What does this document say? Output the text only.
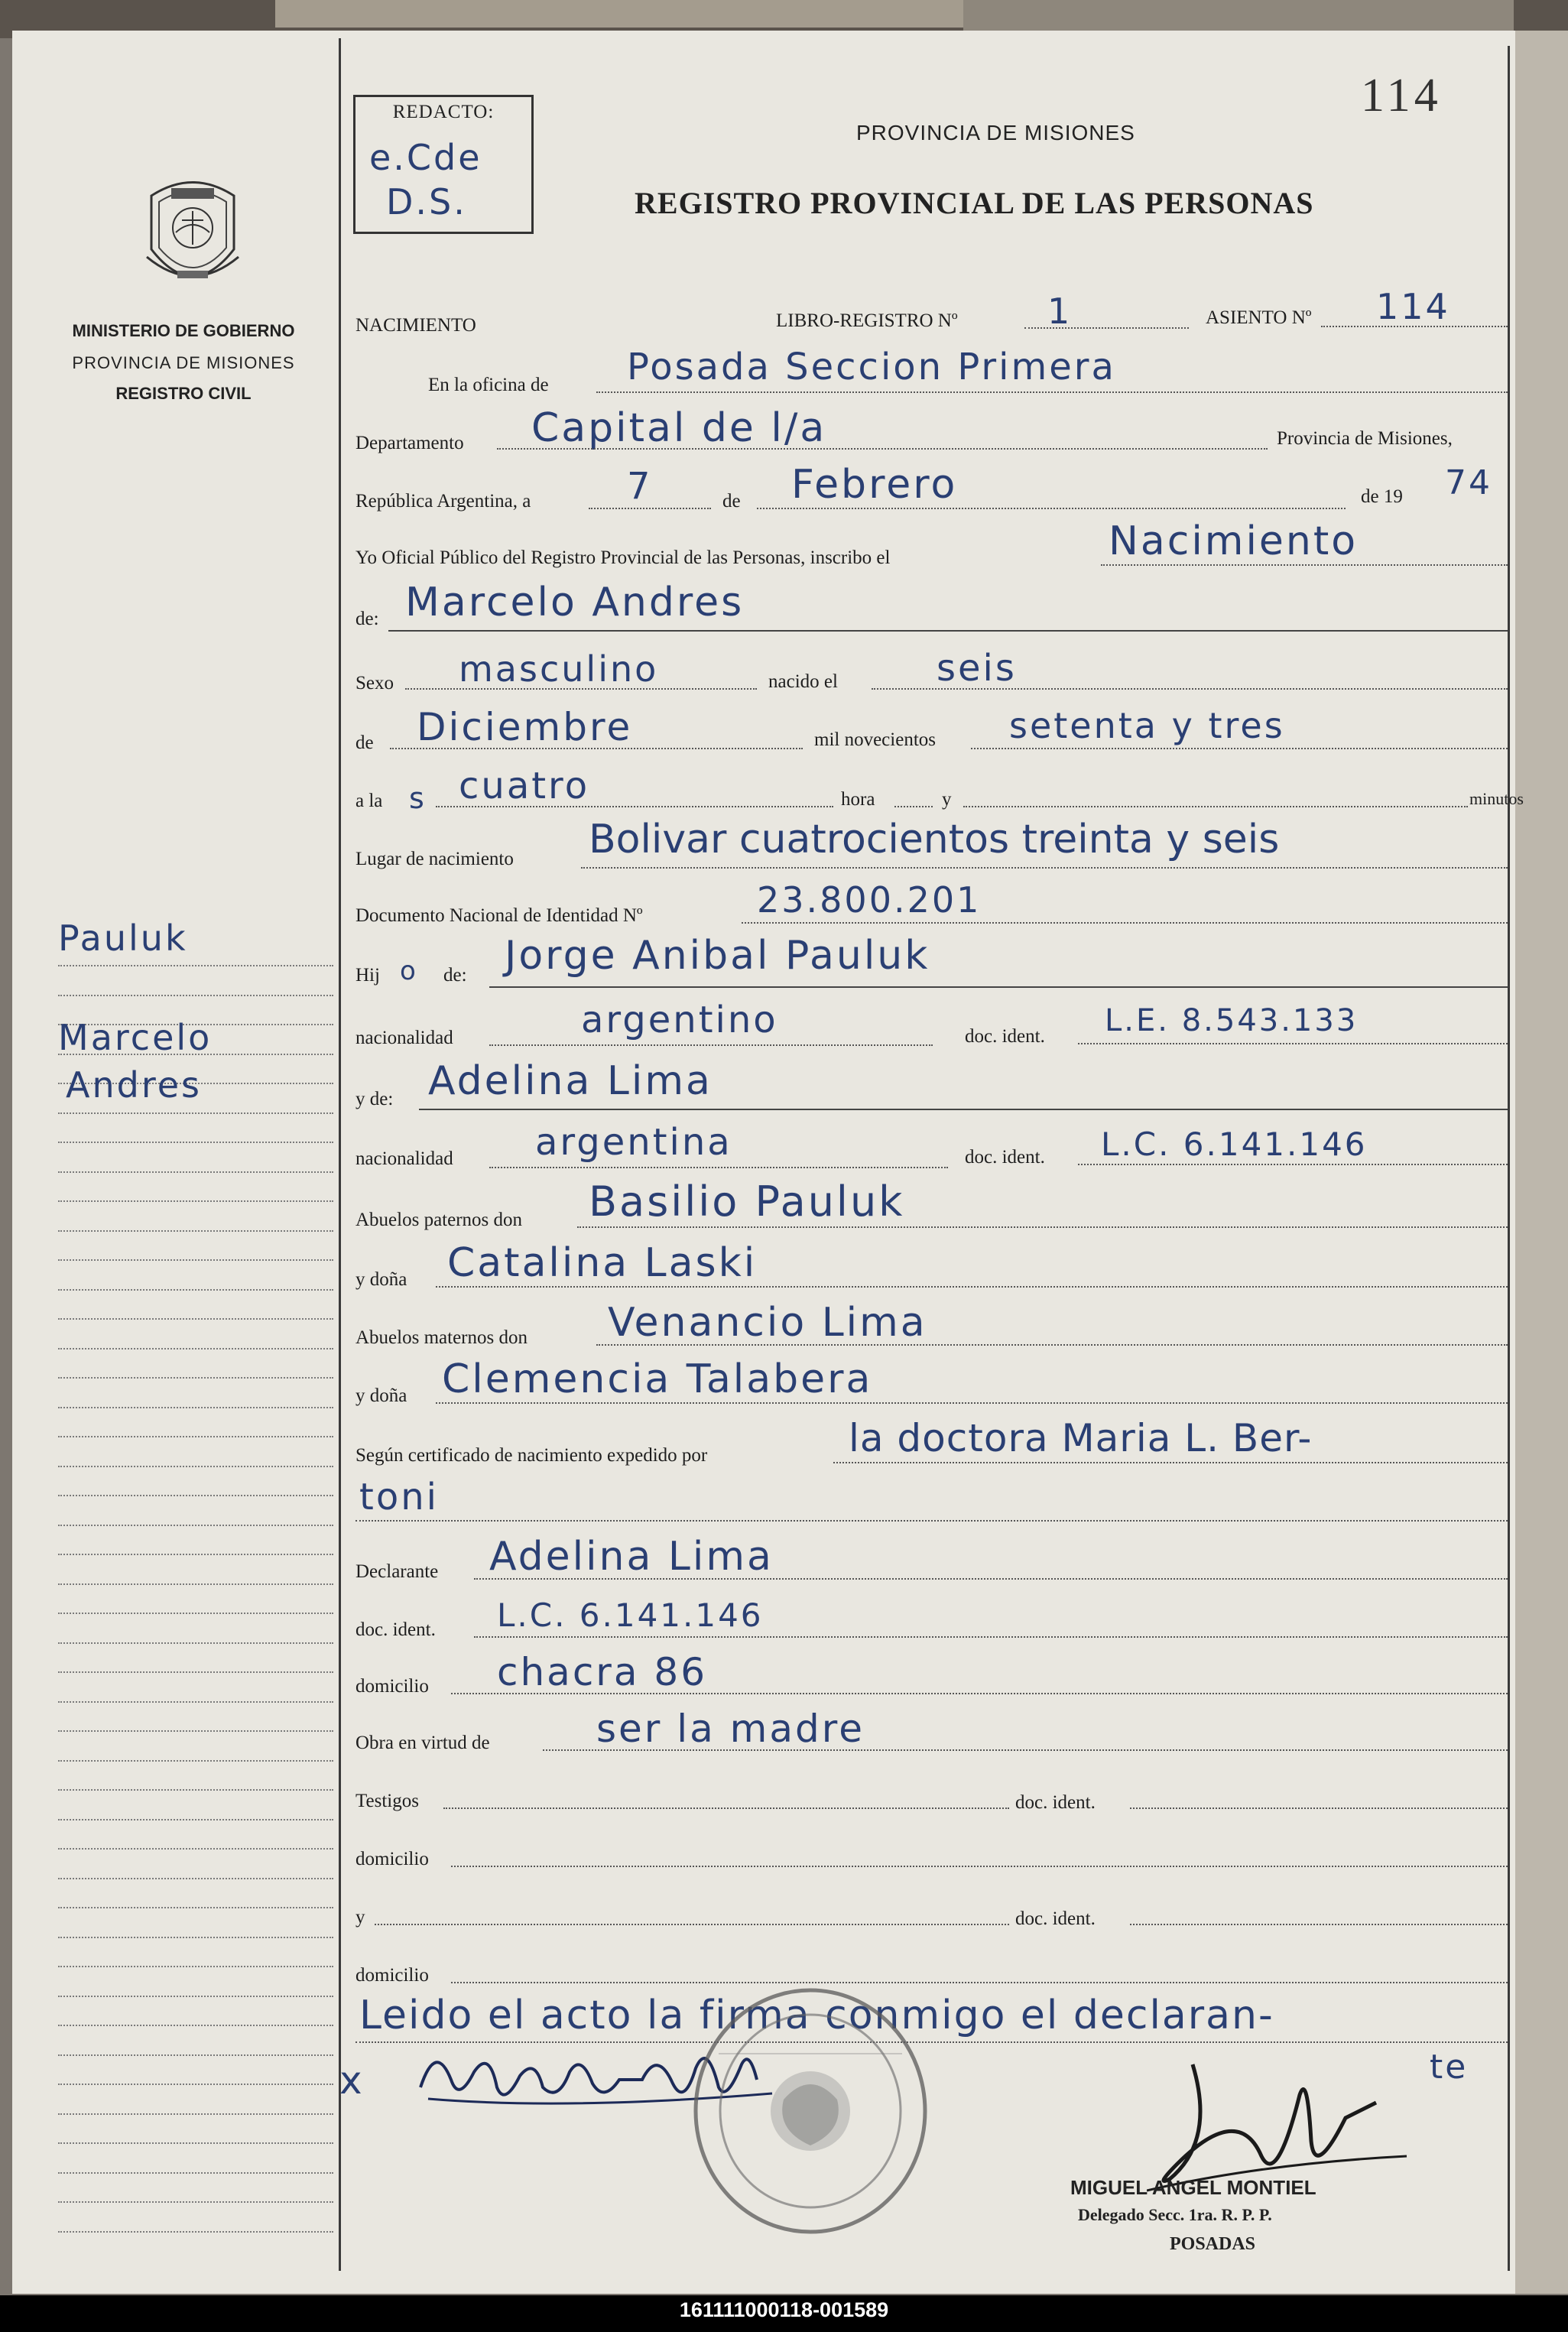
REDACTO:
e.Cde
D.S.
114
PROVINCIA DE MISIONES
REGISTRO PROVINCIAL DE LAS PERSONAS
MINISTERIO DE GOBIERNO
PROVINCIA DE MISIONES
REGISTRO CIVIL
Pauluk
Marcelo
Andres
NACIMIENTO	LIBRO-REGISTRO Nº	1	ASIENTO Nº 114
En la oficina de Posada Seccion Primera
Departamento Capital de l/a	Provincia de Misiones,
República Argentina, a	7	de Febrero	de 19 74
Yo Oficial Público del Registro Provincial de las Personas, inscribo el	Nacimiento
de: Marcelo Andres
Sexo masculino	nacido el	seis
de Diciembre	mil novecientos setenta y tres
a la s cuatro	hora	y	minutos
Lugar de nacimiento Bolivar cuatrocientos treinta y seis
Documento Nacional de Identidad Nº	23.800.201
Hij o de: Jorge Anibal Pauluk
nacionalidad	argentino	doc. ident. L.E. 8.543.133
y de: Adelina Lima
nacionalidad argentina	doc. ident. L.C. 6.141.146
Abuelos paternos don Basilio Pauluk
y doña Catalina Laski
Abuelos maternos don Venancio Lima
y doña Clemencia Talabera
Según certificado de nacimiento expedido por	la doctora Maria L. Ber-
toni
Declarante Adelina Lima
doc. ident. L.C. 6.141.146
domicilio chacra 86
Obra en virtud de	ser la madre
Testigos	doc. ident.
domicilio
y	doc. ident.
domicilio
Leido el acto la firma conmigo el declaran-
te
x
MIGUEL ANGEL MONTIEL
Delegado Secc. 1ra. R. P. P.
POSADAS
161111000118-001589
